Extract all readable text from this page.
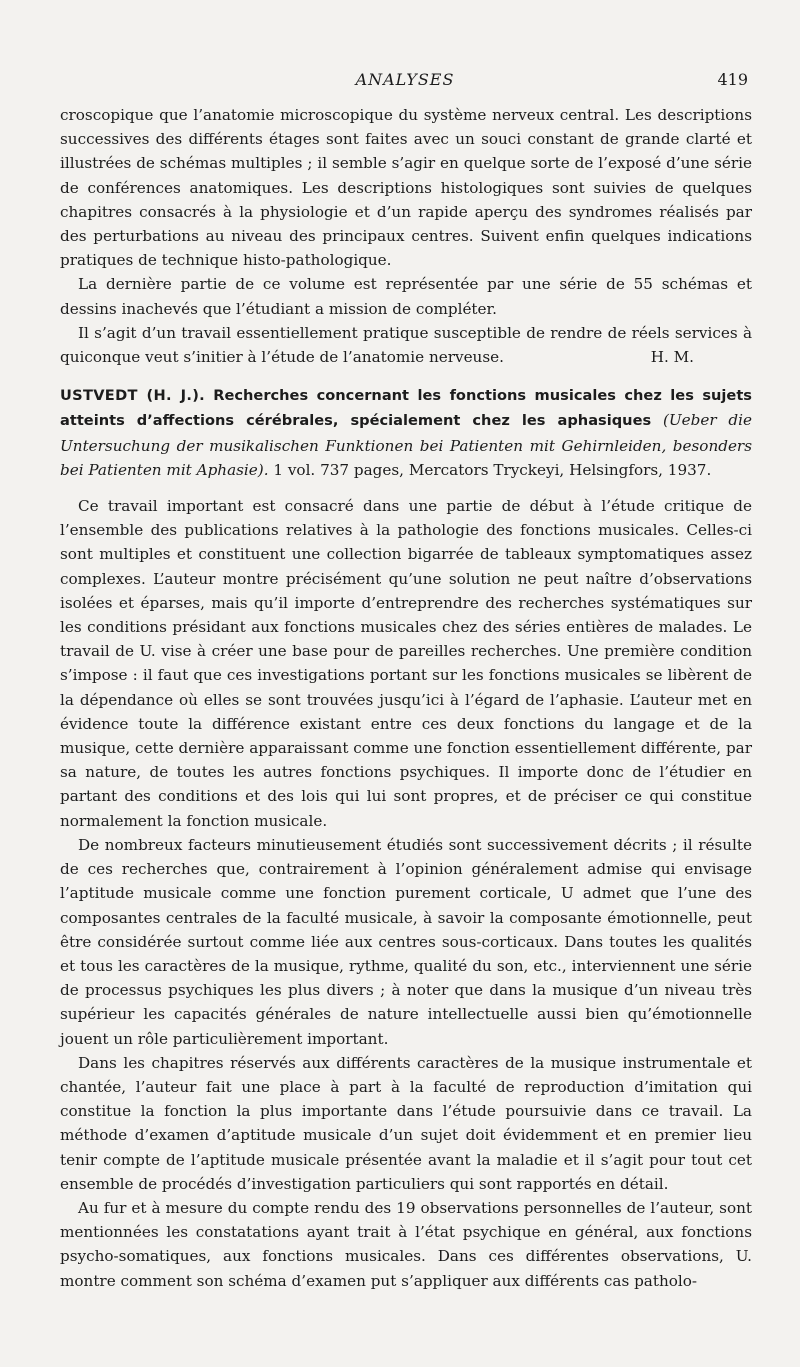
ANALYSES	419

croscopique que l’anatomie microscopique du système nerveux central. Les descriptions successives des différents étages sont faites avec un souci constant de grande clarté et illustrées de schémas multiples ; il semble s’agir en quelque sorte de l’exposé d’une série de conférences anatomiques. Les descriptions histologiques sont suivies de quelques chapitres consacrés à la physiologie et d’un rapide aperçu des syndromes réalisés par des perturbations au niveau des principaux centres. Suivent enfin quelques indications pratiques de technique histo-pathologique.

La dernière partie de ce volume est représentée par une série de 55 schémas et dessins inachevés que l’étudiant a mission de compléter.

Il s’agit d’un travail essentiellement pratique susceptible de rendre de réels services à quiconque veut s’initier à l’étude de l’anatomie nerveuse.	H. M.

USTVEDT (H. J.). Recherches concernant les fonctions musicales chez les sujets atteints d’affections cérébrales, spécialement chez les aphasiques (Ueber die Untersuchung der musikalischen Funktionen bei Patienten mit Gehirnleiden, besonders bei Patienten mit Aphasie). 1 vol. 737 pages, Mercators Tryckeyi, Helsingfors, 1937.

Ce travail important est consacré dans une partie de début à l’étude critique de l’ensemble des publications relatives à la pathologie des fonctions musicales. Celles-ci sont multiples et constituent une collection bigarrée de tableaux symptomatiques assez complexes. L’auteur montre précisément qu’une solution ne peut naître d’observations isolées et éparses, mais qu’il importe d’entreprendre des recherches systématiques sur les conditions présidant aux fonctions musicales chez des séries entières de malades. Le travail de U. vise à créer une base pour de pareilles recherches. Une première condition s’impose : il faut que ces investigations portant sur les fonctions musicales se libèrent de la dépendance où elles se sont trouvées jusqu’ici à l’égard de l’aphasie. L’auteur met en évidence toute la différence existant entre ces deux fonctions du langage et de la musique, cette dernière apparaissant comme une fonction essentiellement différente, par sa nature, de toutes les autres fonctions psychiques. Il importe donc de l’étudier en partant des conditions et des lois qui lui sont propres, et de préciser ce qui constitue normalement la fonction musicale.

De nombreux facteurs minutieusement étudiés sont successivement décrits ; il résulte de ces recherches que, contrairement à l’opinion généralement admise qui envisage l’aptitude musicale comme une fonction purement corticale, U admet que l’une des composantes centrales de la faculté musicale, à savoir la composante émotionnelle, peut être considérée surtout comme liée aux centres sous-corticaux. Dans toutes les qualités et tous les caractères de la musique, rythme, qualité du son, etc., interviennent une série de processus psychiques les plus divers ; à noter que dans la musique d’un niveau très supérieur les capacités générales de nature intellectuelle aussi bien qu’émotionnelle jouent un rôle particulièrement important.

Dans les chapitres réservés aux différents caractères de la musique instrumentale et chantée, l’auteur fait une place à part à la faculté de reproduction d’imitation qui constitue la fonction la plus importante dans l’étude poursuivie dans ce travail. La méthode d’examen d’aptitude musicale d’un sujet doit évidemment et en premier lieu tenir compte de l’aptitude musicale présentée avant la maladie et il s’agit pour tout cet ensemble de procédés d’investigation particuliers qui sont rapportés en détail.

Au fur et à mesure du compte rendu des 19 observations personnelles de l’auteur, sont mentionnées les constatations ayant trait à l’état psychique en général, aux fonctions psycho-somatiques, aux fonctions musicales. Dans ces différentes observations, U. montre comment son schéma d’examen put s’appliquer aux différents cas patholo-
